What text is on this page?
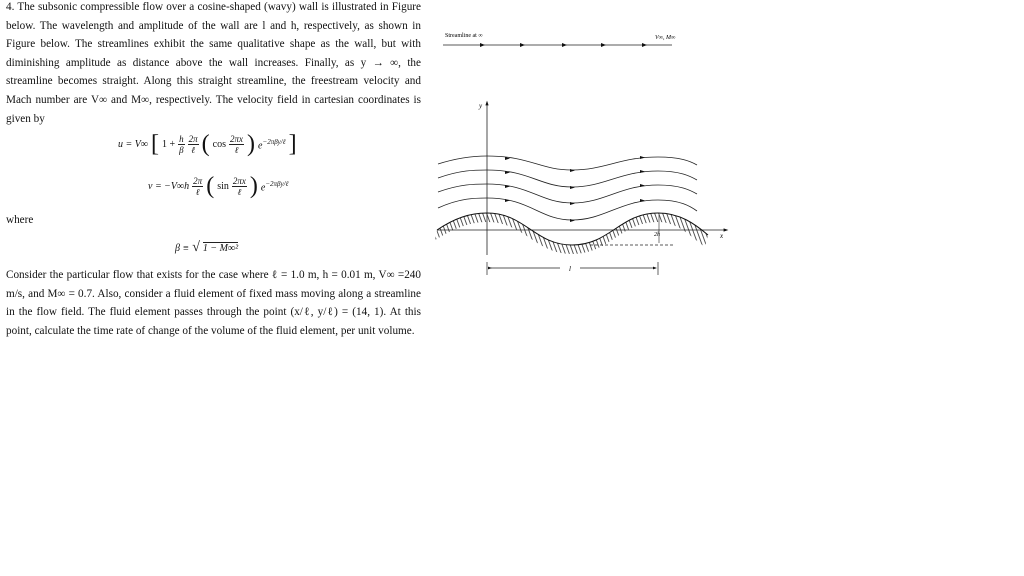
4. The subsonic compressible flow over a cosine-shaped (wavy) wall is illustrated in Figure below. The wavelength and amplitude of the wall are l and h, respectively, as shown in Figure below. The streamlines exhibit the same qualitative shape as the wall, but with diminishing amplitude as distance above the wall increases. Finally, as y → ∞, the streamline becomes straight. Along this straight streamline, the freestream velocity and Mach number are V∞ and M∞, respectively. The velocity field in cartesian coordinates is given by
u = V∞ [ $1 + \frac{h}{\beta} \frac{2\pi}{\text{ℓ}}$ ( $\cos \frac{2\pi x}{\text{ℓ}}$ ) $e^{-2\pi\beta y/\ell}$ ]
$v = -V\infty h \frac{2\pi}{\text{ℓ}}$ ( $\sin \frac{2\pi x}{\text{ℓ}}$ ) $e^{-2\pi\beta y/\ell}$
where
β ≡ √ 1 − M∞²
Consider the particular flow that exists for the case where ℓ = 1.0 m, h = 0.01 m, V∞ =240 m/s, and M∞ = 0.7. Also, consider a fluid element of fixed mass moving along a streamline in the flow field. The fluid element passes through the point (x/ℓ, y/ℓ) = (14, 1). At this point, calculate the time rate of change of the volume of the fluid element, per unit volume.
Streamline at ∞	V∞, M∞
y
x
2h
l
